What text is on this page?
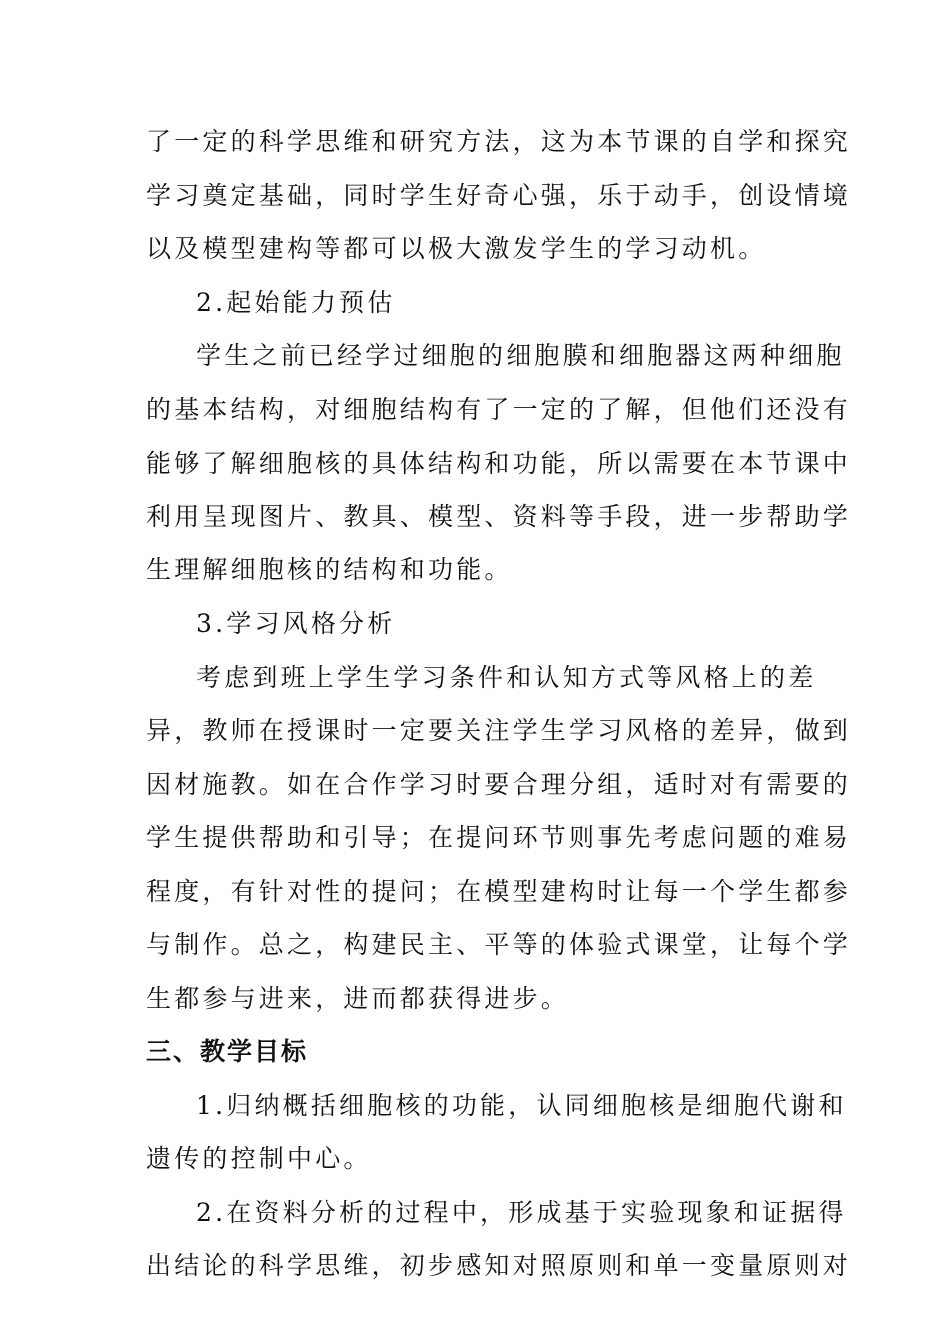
了一定的科学思维和研究方法，这为本节课的自学和探究
学习奠定基础，同时学生好奇心强，乐于动手，创设情境
以及模型建构等都可以极大激发学生的学习动机。
2.起始能力预估
学生之前已经学过细胞的细胞膜和细胞器这两种细胞
的基本结构，对细胞结构有了一定的了解，但他们还没有
能够了解细胞核的具体结构和功能，所以需要在本节课中
利用呈现图片、教具、模型、资料等手段，进一步帮助学
生理解细胞核的结构和功能。
3.学习风格分析
考虑到班上学生学习条件和认知方式等风格上的差
异，教师在授课时一定要关注学生学习风格的差异，做到
因材施教。如在合作学习时要合理分组，适时对有需要的
学生提供帮助和引导；在提问环节则事先考虑问题的难易
程度，有针对性的提问；在模型建构时让每一个学生都参
与制作。总之，构建民主、平等的体验式课堂，让每个学
生都参与进来，进而都获得进步。
三、教学目标
1.归纳概括细胞核的功能，认同细胞核是细胞代谢和
遗传的控制中心。
2.在资料分析的过程中，形成基于实验现象和证据得
出结论的科学思维，初步感知对照原则和单一变量原则对
